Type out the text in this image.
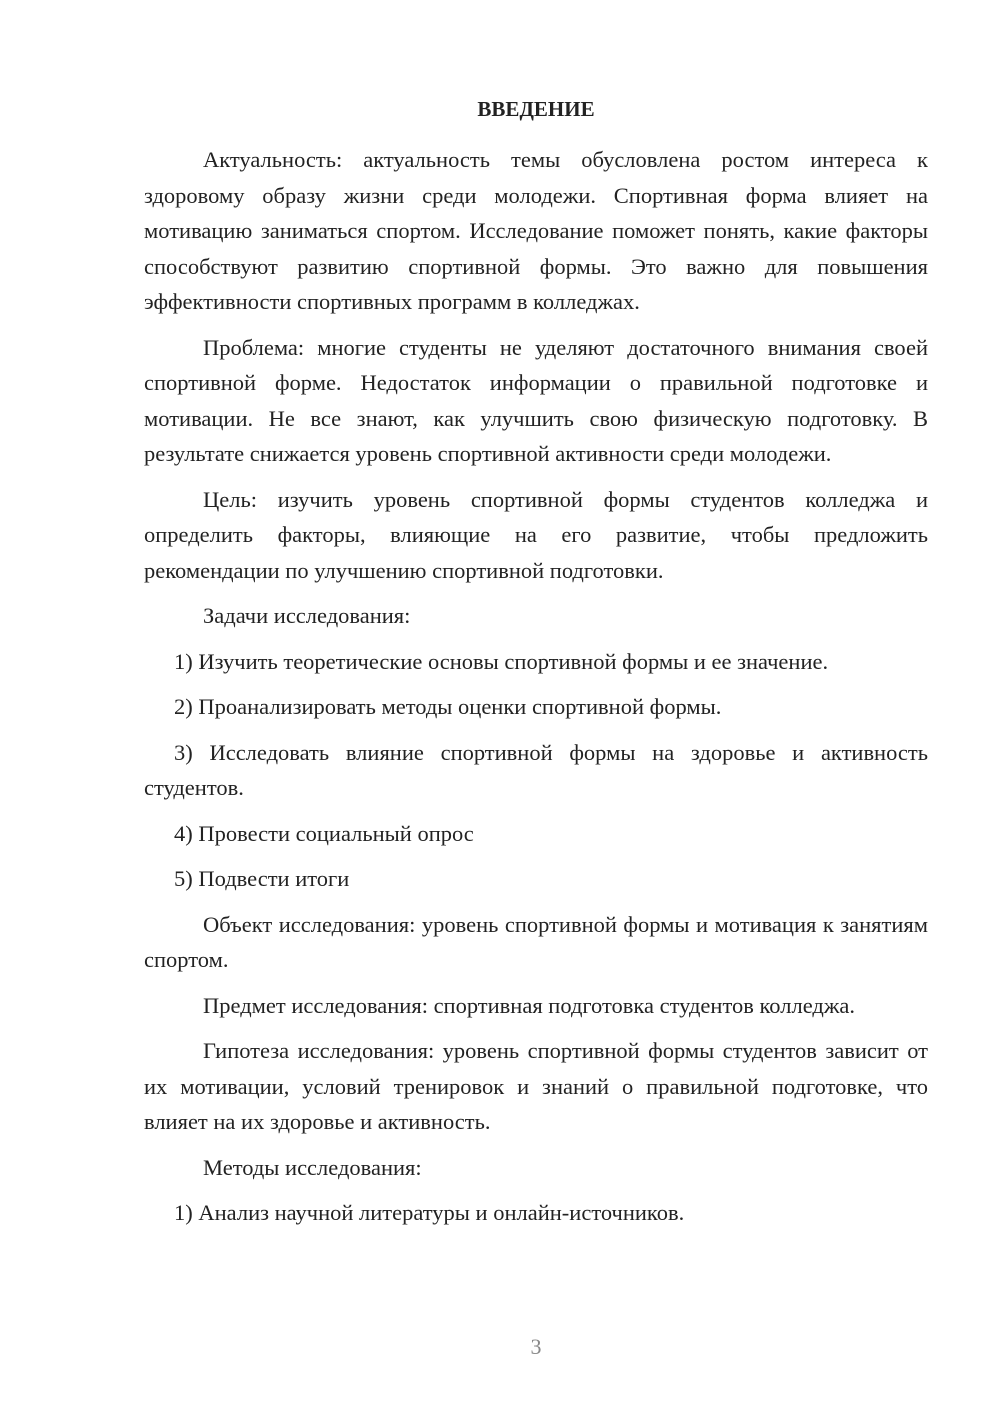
ВВЕДЕНИЕ

Актуальность: актуальность темы обусловлена ростом интереса к здоровому образу жизни среди молодежи. Спортивная форма влияет на мотивацию заниматься спортом. Исследование поможет понять, какие факторы способствуют развитию спортивной формы. Это важно для повышения эффективности спортивных программ в колледжах.

Проблема: многие студенты не уделяют достаточного внимания своей спортивной форме. Недостаток информации о правильной подготовке и мотивации. Не все знают, как улучшить свою физическую подготовку. В результате снижается уровень спортивной активности среди молодежи.

Цель: изучить уровень спортивной формы студентов колледжа и определить факторы, влияющие на его развитие, чтобы предложить рекомендации по улучшению спортивной подготовки.

Задачи исследования:

1) Изучить теоретические основы спортивной формы и ее значение.

2) Проанализировать методы оценки спортивной формы.

3) Исследовать влияние спортивной формы на здоровье и активность студентов.

4) Провести социальный опрос

5) Подвести итоги

Объект исследования: уровень спортивной формы и мотивация к занятиям спортом.

Предмет исследования: спортивная подготовка студентов колледжа.

Гипотеза исследования: уровень спортивной формы студентов зависит от их мотивации, условий тренировок и знаний о правильной подготовке, что влияет на их здоровье и активность.

Методы исследования:

1) Анализ научной литературы и онлайн-источников.

3
